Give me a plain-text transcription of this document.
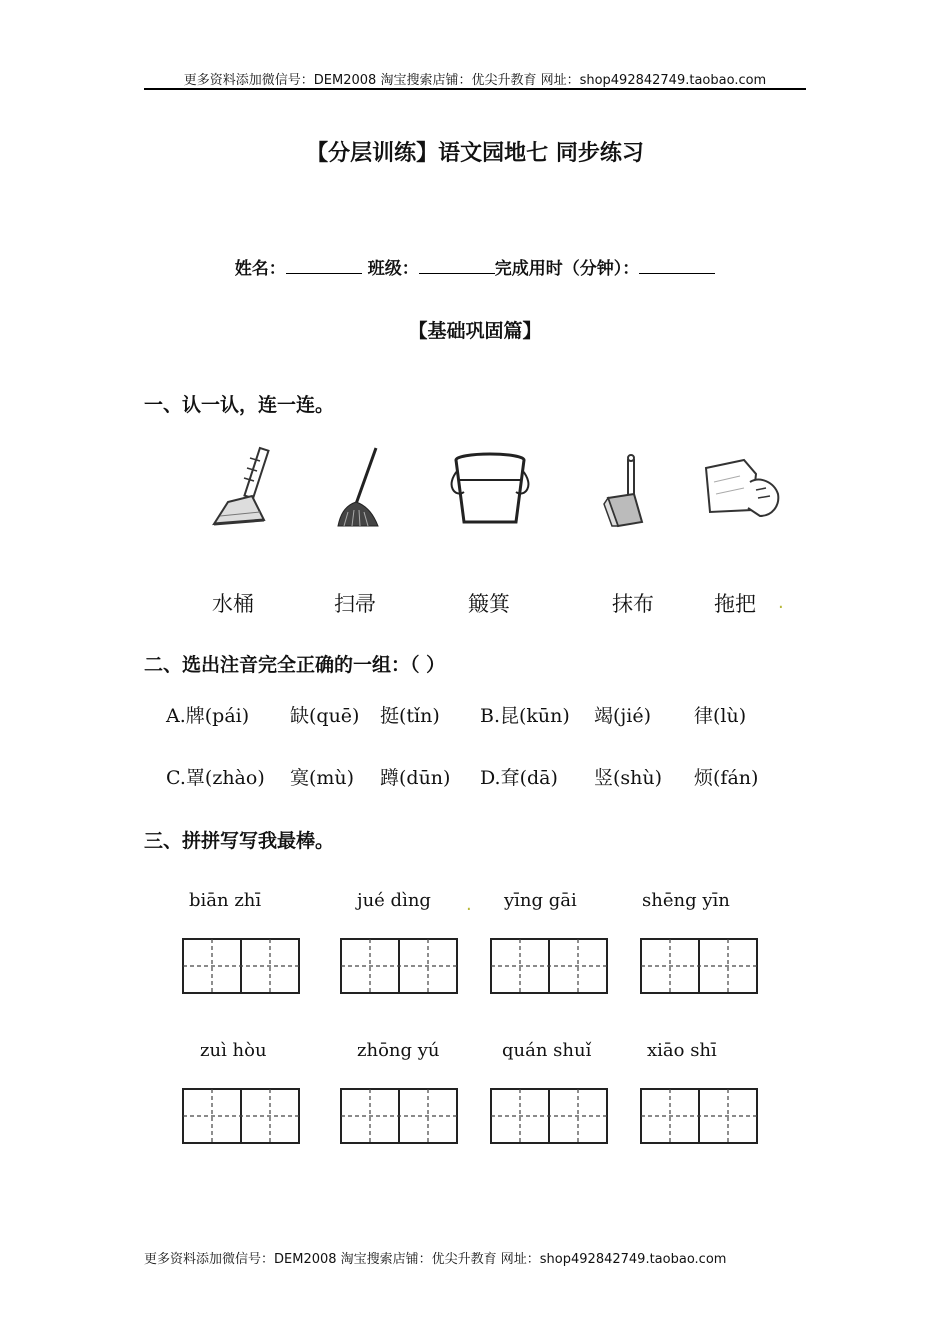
更多资料添加微信号：DEM2008 淘宝搜索店铺：优尖升教育 网址：shop492842749.taobao.com
【分层训练】语文园地七 同步练习
姓名：	班级：	完成用时（分钟）：
【基础巩固篇】
一、认一认，连一连。
水桶	扫帚	簸箕	抹布	拖把 .
二、选出注音完全正确的一组：（ ）
A.牌(pái) 缺(quē) 挺(tǐn) B.昆(kūn) 竭(jié) 律(lù)
C.罩(zhào) 寞(mù) 蹲(dūn) D.耷(dā) 竖(shù) 烦(fán)
三、拼拼写写我最棒。
biān zhī	jué dìng . yīng gāi	shēng yīn
zuì hòu	zhōng yú	quán shuǐ	xiāo shī
更多资料添加微信号：DEM2008 淘宝搜索店铺：优尖升教育 网址：shop492842749.taobao.com
